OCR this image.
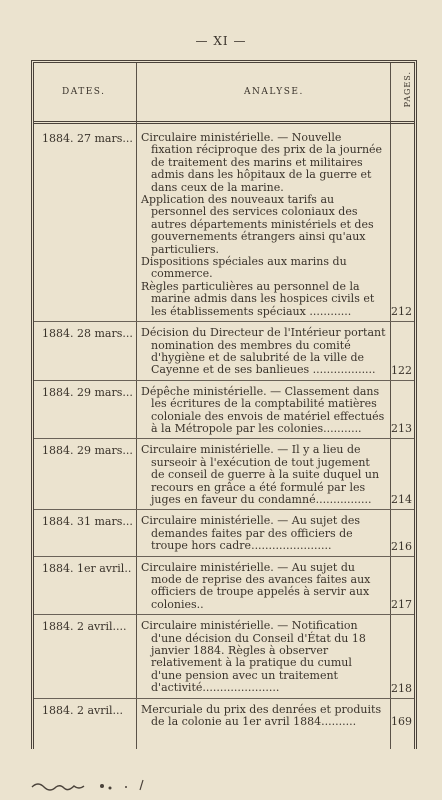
— XI —
DATES.	ANALYSE.	PAGES.
1884. 27 mars... Circulaire ministérielle. — Nouvelle fixation réciproque des prix de la journée de traitement des marins et militaires admis dans les hôpitaux de la guerre et dans ceux de la marine.
Application des nouveaux tarifs au personnel des services coloniaux des autres départements ministériels et des gouvernements étrangers ainsi qu'aux particuliers.
Dispositions spéciales aux marins du commerce.
Règles particulières au personnel de la marine admis dans les hospices civils et les établissements spéciaux ............	212
1884. 28 mars... Décision du Directeur de l'Intérieur portant nomination des membres du comité d'hygiène et de salubrité de la ville de Cayenne et de ses banlieues ..................	122
1884. 29 mars... Dépêche ministérielle. — Classement dans les écritures de la comptabilité matières coloniale des envois de matériel effectués à la Métropole par les colonies...........	213
1884. 29 mars... Circulaire ministérielle. — Il y a lieu de surseoir à l'exécution de tout jugement de conseil de guerre à la suite duquel un recours en grâce a été formulé par les juges en faveur du condamné................	214
1884. 31 mars... Circulaire ministérielle. — Au sujet des demandes faites par des officiers de troupe hors cadre.......................	216
1884. 1er avril.. Circulaire ministérielle. — Au sujet du mode de reprise des avances faites aux officiers de troupe appelés à servir aux colonies..	217
1884. 2 avril....	Circulaire ministérielle. — Notification d'une décision du Conseil d'État du 18 janvier 1884. Règles à observer relativement à la pratique du cumul d'une pension avec un traitement d'activité......................	218
1884. 2 avril...	Mercuriale du prix des denrées et produits de la colonie au 1er avril 1884..........	169
